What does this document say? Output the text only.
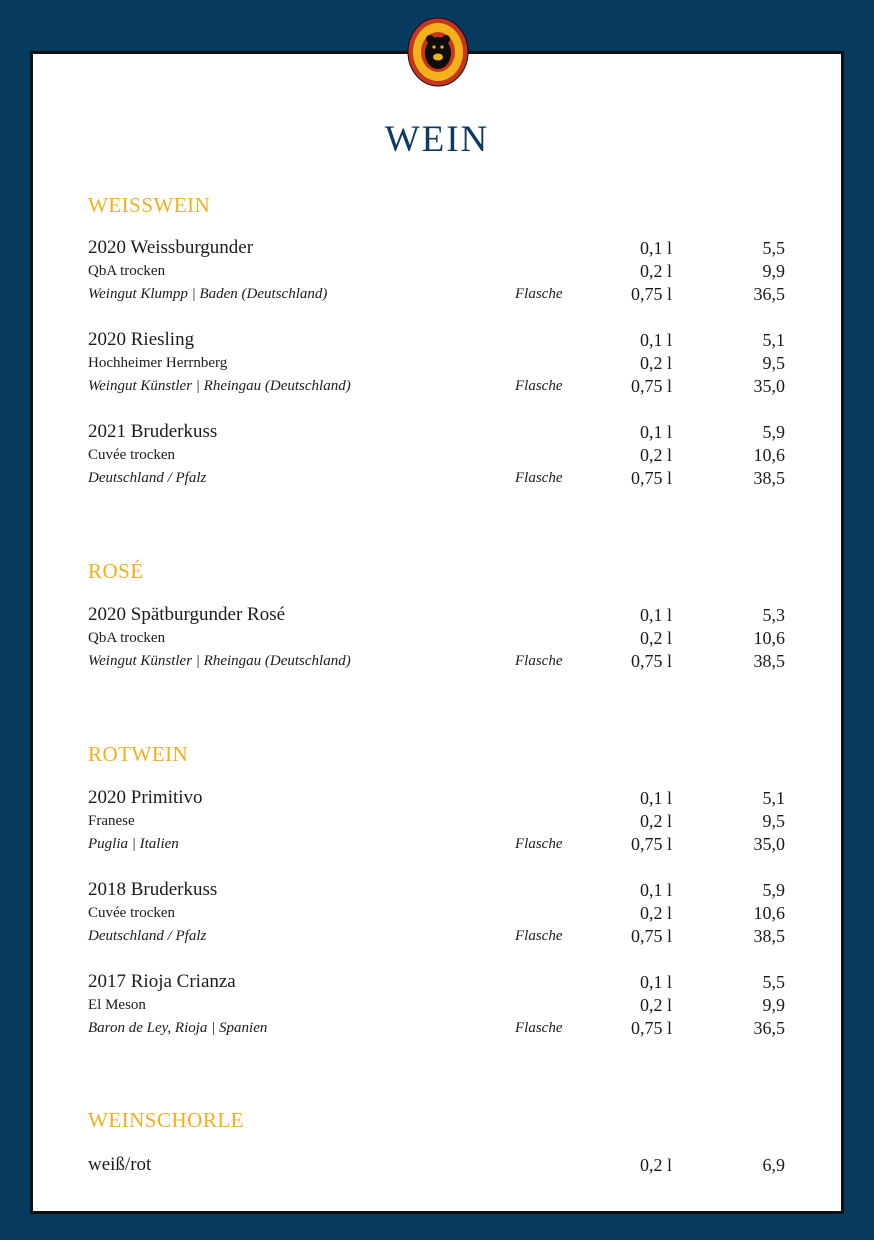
WEIN
WEISSWEIN
2020 Weissburgunder	0,1 l	5,5
QbA trocken	0,2 l	9,9
Weingut Klumpp | Baden (Deutschland)	Flasche	0,75 l	36,5
2020 Riesling	0,1 l	5,1
Hochheimer Herrnberg	0,2 l	9,5
Weingut Künstler | Rheingau (Deutschland)	Flasche	0,75 l	35,0
2021 Bruderkuss	0,1 l	5,9
Cuvée trocken	0,2 l	10,6
Deutschland / Pfalz	Flasche	0,75 l	38,5
ROSÉ
2020 Spätburgunder Rosé	0,1 l	5,3
QbA trocken	0,2 l	10,6
Weingut Künstler | Rheingau (Deutschland)	Flasche	0,75 l	38,5
ROTWEIN
2020 Primitivo	0,1 l	5,1
Franese	0,2 l	9,5
Puglia | Italien	Flasche	0,75 l	35,0
2018 Bruderkuss	0,1 l	5,9
Cuvée trocken	0,2 l	10,6
Deutschland / Pfalz	Flasche	0,75 l	38,5
2017 Rioja Crianza	0,1 l	5,5
El Meson	0,2 l	9,9
Baron de Ley, Rioja | Spanien	Flasche	0,75 l	36,5
WEINSCHORLE
weiß/rot	0,2 l	6,9
